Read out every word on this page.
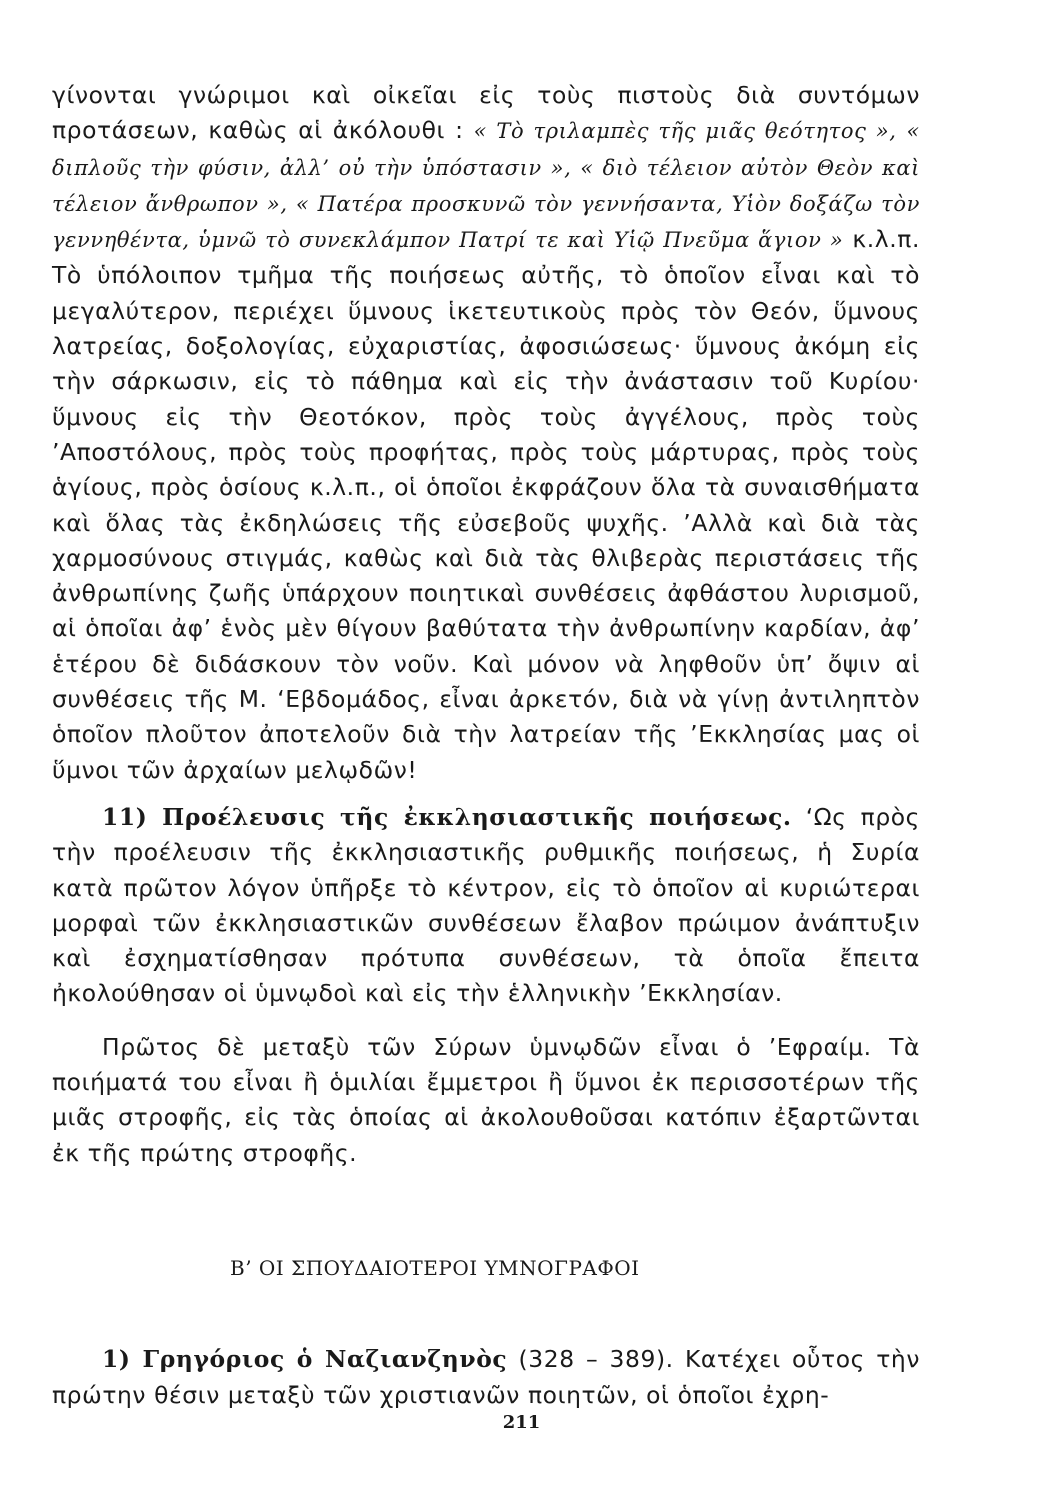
γίνονται γνώριμοι καὶ οἰκεῖαι εἰς τοὺς πιστοὺς διὰ συντόμων προτάσεων, καθὼς αἱ ἀκόλουθι : « Τὸ τριλαμπὲς τῆς μιᾶς θεότητος », « διπλοῦς τὴν φύσιν, ἀλλ’ οὐ τὴν ὑπόστασιν », « διὸ τέλειον αὐτὸν Θεὸν καὶ τέλειον ἄνθρωπον », « Πατέρα προσκυνῶ τὸν γεννήσαντα, Υἱὸν δοξάζω τὸν γεννηθέντα, ὑμνῶ τὸ συνεκλάμπον Πατρί τε καὶ Υἱῷ Πνεῦμα ἅγιον » κ.λ.π. Τὸ ὑπόλοιπον τμῆμα τῆς ποιήσεως αὐτῆς, τὸ ὁποῖον εἶναι καὶ τὸ μεγαλύτερον, περιέχει ὕμνους ἱκετευτικοὺς πρὸς τὸν Θεόν, ὕμνους λατρείας, δοξολογίας, εὐχαριστίας, ἀφοσιώσεως· ὕμνους ἀκόμη εἰς τὴν σάρκωσιν, εἰς τὸ πάθημα καὶ εἰς τὴν ἀνάστασιν τοῦ Κυρίου· ὕμνους εἰς τὴν Θεοτόκον, πρὸς τοὺς ἀγγέλους, πρὸς τοὺς ’Αποστόλους, πρὸς τοὺς προφήτας, πρὸς τοὺς μάρτυρας, πρὸς τοὺς ἁγίους, πρὸς ὁσίους κ.λ.π., οἱ ὁποῖοι ἐκφράζουν ὅλα τὰ συναισθήματα καὶ ὅλας τὰς ἐκδηλώσεις τῆς εὐσεβοῦς ψυχῆς. ’Αλλὰ καὶ διὰ τὰς χαρμοσύνους στιγμάς, καθὼς καὶ διὰ τὰς θλιβερὰς περιστάσεις τῆς ἀνθρωπίνης ζωῆς ὑπάρχουν ποιητικαὶ συνθέσεις ἀφθάστου λυρισμοῦ, αἱ ὁποῖαι ἀφ’ ἑνὸς μὲν θίγουν βαθύτατα τὴν ἀνθρωπίνην καρδίαν, ἀφ’ ἑτέρου δὲ διδάσκουν τὸν νοῦν. Καὶ μόνον νὰ ληφθοῦν ὑπ’ ὄψιν αἱ συνθέσεις τῆς Μ. ‘Εβδομάδος, εἶναι ἀρκετόν, διὰ νὰ γίνῃ ἀντιληπτὸν ὁποῖον πλοῦτον ἀποτελοῦν διὰ τὴν λατρείαν τῆς ’Εκκλησίας μας οἱ ὕμνοι τῶν ἀρχαίων μελῳδῶν!

11) Προέλευσις τῆς ἐκκλησιαστικῆς ποιήσεως. ‘Ως πρὸς τὴν προέλευσιν τῆς ἐκκλησιαστικῆς ρυθμικῆς ποιήσεως, ἡ Συρία κατὰ πρῶτον λόγον ὑπῆρξε τὸ κέντρον, εἰς τὸ ὁποῖον αἱ κυριώτεραι μορφαὶ τῶν ἐκκλησιαστικῶν συνθέσεων ἔλαβον πρώιμον ἀνάπτυξιν καὶ ἐσχηματίσθησαν πρότυπα συνθέσεων, τὰ ὁποῖα ἔπειτα ἠκολούθησαν οἱ ὑμνῳδοὶ καὶ εἰς τὴν ἑλληνικὴν ’Εκκλησίαν.

Πρῶτος δὲ μεταξὺ τῶν Σύρων ὑμνῳδῶν εἶναι ὁ ’Εφραίμ. Τὰ ποιήματά του εἶναι ἢ ὁμιλίαι ἔμμετροι ἢ ὕμνοι ἐκ περισσοτέρων τῆς μιᾶς στροφῆς, εἰς τὰς ὁποίας αἱ ἀκολουθοῦσαι κατόπιν ἐξαρτῶνται ἐκ τῆς πρώτης στροφῆς.

Β’ ΟΙ ΣΠΟΥΔΑΙΟΤΕΡΟΙ ΥΜΝΟΓΡΑΦΟΙ

1) Γρηγόριος ὁ Ναζιανζηνὸς (328 – 389). Κατέχει οὗτος τὴν πρώτην θέσιν μεταξὺ τῶν χριστιανῶν ποιητῶν, οἱ ὁποῖοι ἐχρη-

211
